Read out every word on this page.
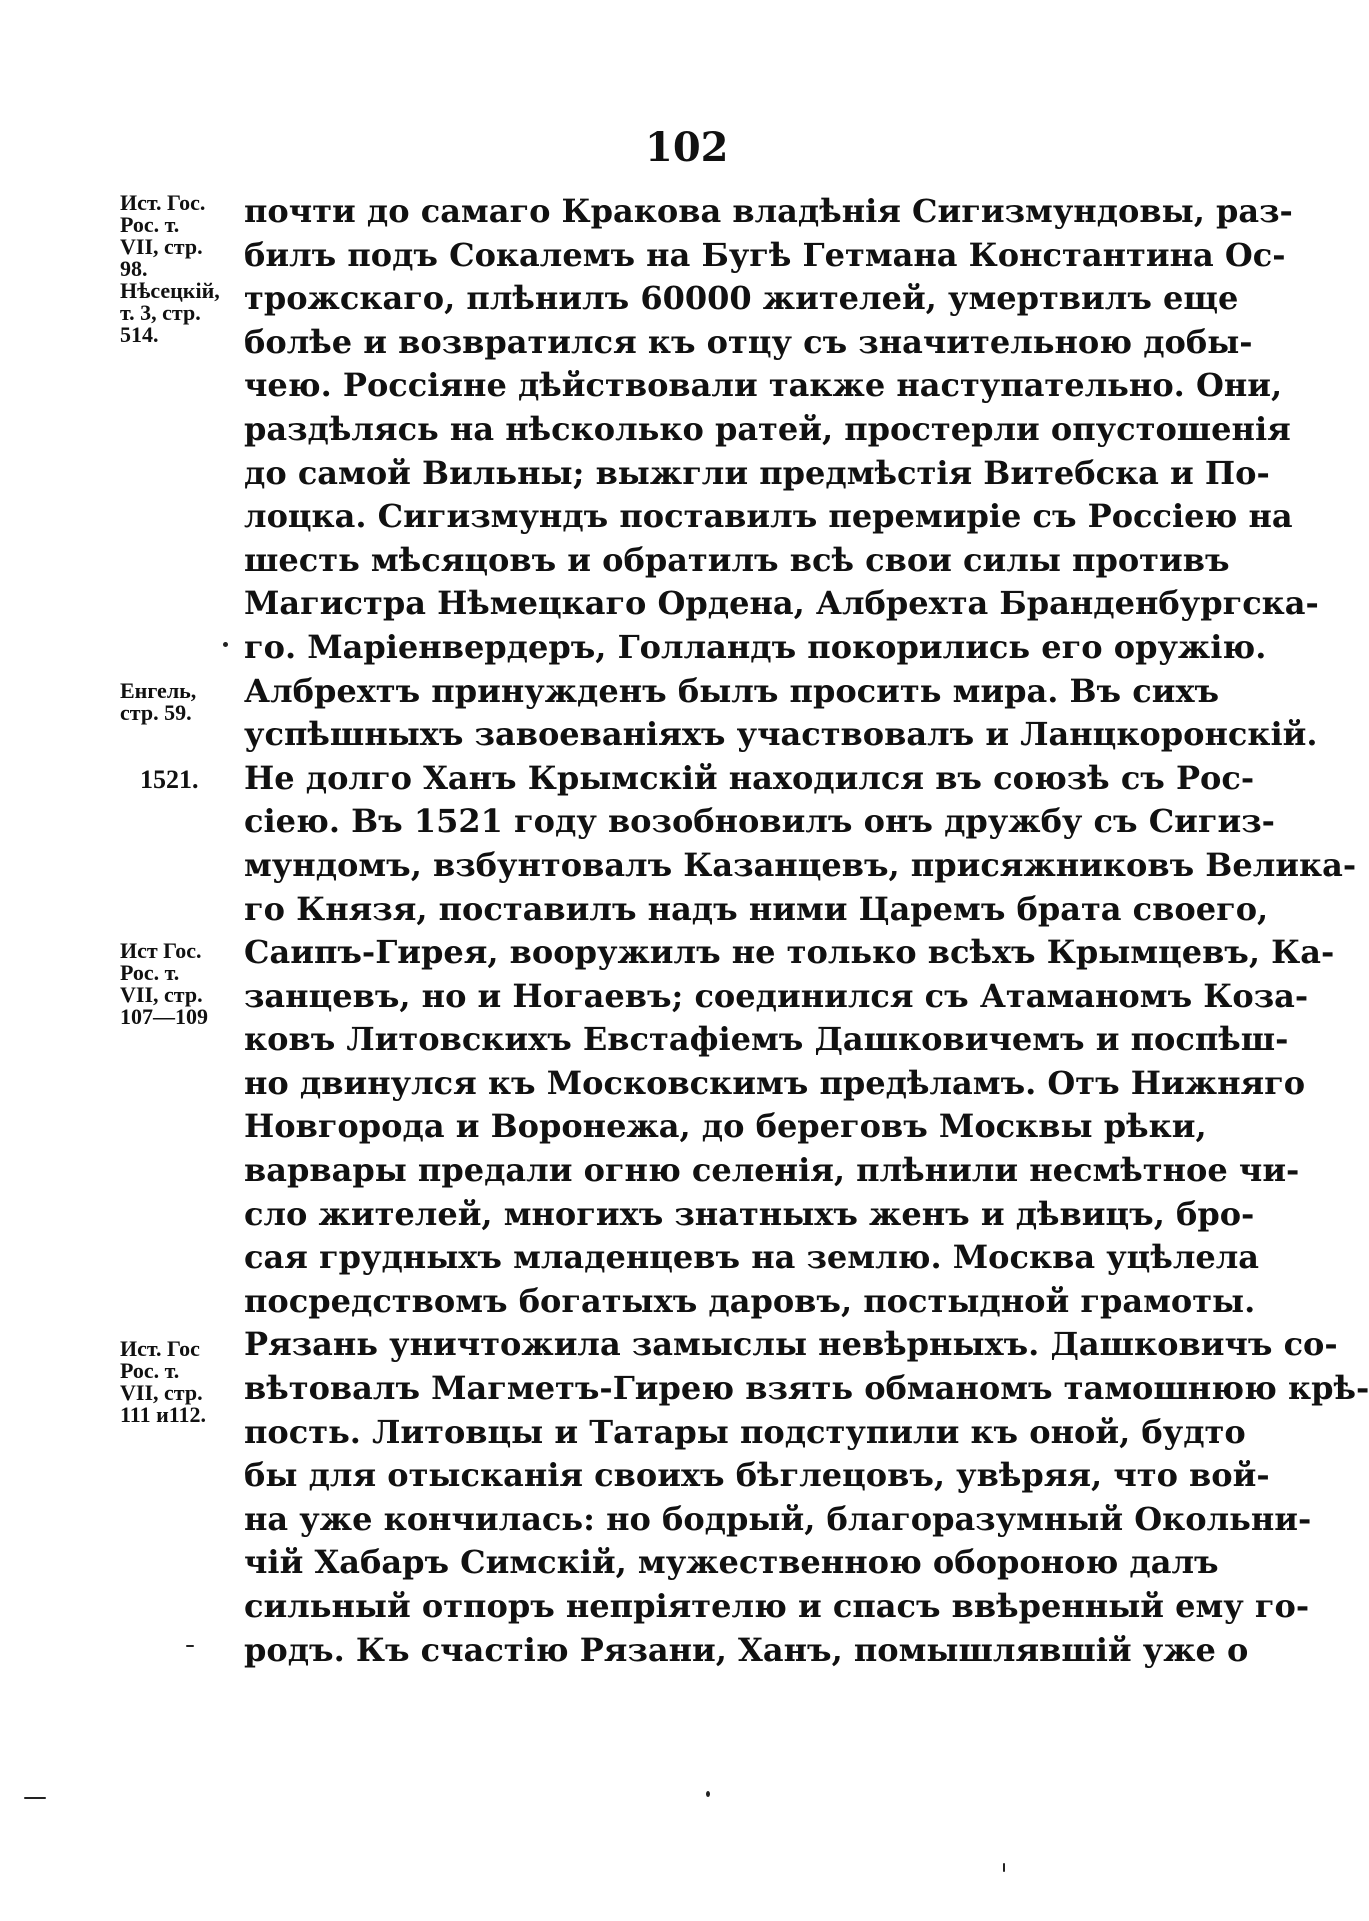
102
Ист. Гос.
Рос. т.
VII, стр.
98.
Нѣсецкій,
т. 3, стр.
514.
Енгель,
стр. 59.
1521.
Ист Гос.
Рос. т.
VII, стр.
107—109
Ист. Гос
Рос. т.
VII, стр.
111 и112.
почти до самаго Кракова владѣнія Сигизмундовы, раз-
билъ подъ Сокалемъ на Бугѣ Гетмана Константина Ос-
трожскаго, плѣнилъ 60000 жителей, умертвилъ еще
болѣе и возвратился къ отцу съ значительною добы-
чею. Россіяне дѣйствовали также наступательно. Они,
раздѣлясь на нѣсколько ратей, простерли опустошенія
до самой Вильны; выжгли предмѣстія Витебска и По-
лоцка. Сигизмундъ поставилъ перемиріе съ Россіею на
шесть мѣсяцовъ и обратилъ всѣ свои силы противъ
Магистра Нѣмецкаго Ордена, Албрехта Бранденбургска-
го. Маріенвердеръ, Голландъ покорились его оружію.
Албрехтъ принужденъ былъ просить мира. Въ сихъ
успѣшныхъ завоеваніяхъ участвовалъ и Ланцкоронскій.
Не долго Ханъ Крымскій находился въ союзѣ съ Рос-
сіею. Въ 1521 году возобновилъ онъ дружбу съ Сигиз-
мундомъ, взбунтовалъ Казанцевъ, присяжниковъ Велика-
го Князя, поставилъ надъ ними Царемъ брата своего,
Саипъ-Гирея, вооружилъ не только всѣхъ Крымцевъ, Ка-
занцевъ, но и Ногаевъ; соединился съ Атаманомъ Коза-
ковъ Литовскихъ Евстафіемъ Дашковичемъ и поспѣш-
но двинулся къ Московскимъ предѣламъ. Отъ Нижняго
Новгорода и Воронежа, до береговъ Москвы рѣки,
варвары предали огню селенія, плѣнили несмѣтное чи-
сло жителей, многихъ знатныхъ женъ и дѣвицъ, бро-
сая грудныхъ младенцевъ на землю. Москва уцѣлела
посредствомъ богатыхъ даровъ, постыдной грамоты.
Рязань уничтожила замыслы невѣрныхъ. Дашковичъ со-
вѣтовалъ Магметъ-Гирею взять обманомъ тамошнюю крѣ-
пость. Литовцы и Татары подступили къ оной, будто
бы для отысканія своихъ бѣглецовъ, увѣряя, что вой-
на уже кончилась: но бодрый, благоразумный Окольни-
чій Хабаръ Симскій, мужественною обороною далъ
сильный отпоръ непріятелю и спасъ ввѣренный ему го-
родъ. Къ счастію Рязани, Ханъ, помышлявшій уже о
